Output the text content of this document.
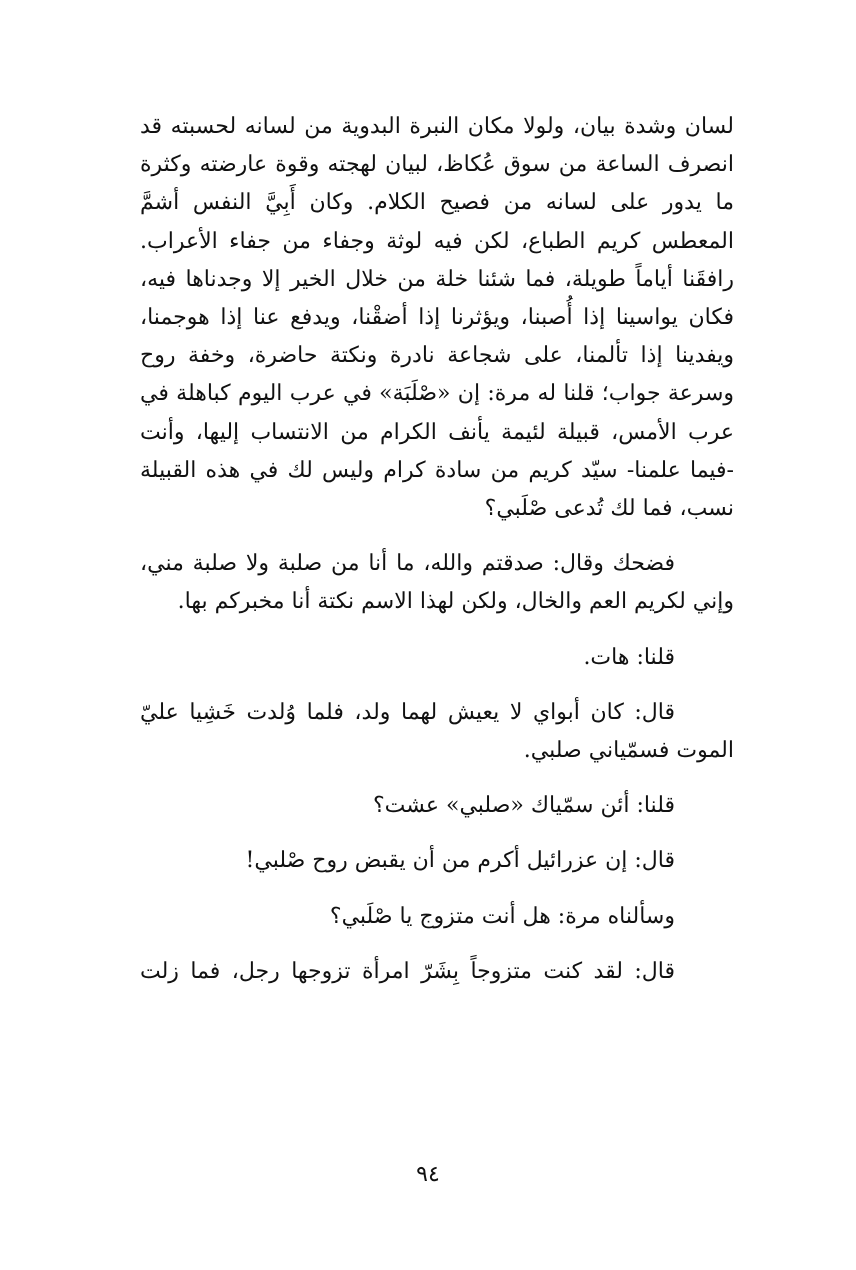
لسان وشدة بيان، ولولا مكان النبرة البدوية من لسانه لحسبته قد انصرف الساعة من سوق عُكاظ، لبيان لهجته وقوة عارضته وكثرة ما يدور على لسانه من فصيح الكلام. وكان أَبِيَّ النفس أشمَّ المعطس كريم الطباع، لكن فيه لوثة وجفاء من جفاء الأعراب. رافقَنا أياماً طويلة، فما شئنا خلة من خلال الخير إلا وجدناها فيه، فكان يواسينا إذا أُصبنا، ويؤثرنا إذا أضقْنا، ويدفع عنا إذا هوجمنا، ويفدينا إذا تألمنا، على شجاعة نادرة ونكتة حاضرة، وخفة روح وسرعة جواب؛ قلنا له مرة: إن «صْلَبَة» في عرب اليوم كباهلة في عرب الأمس، قبيلة لئيمة يأنف الكرام من الانتساب إليها، وأنت -فيما علمنا- سيّد كريم من سادة كرام وليس لك في هذه القبيلة نسب، فما لك تُدعى صْلَبي؟

فضحك وقال: صدقتم والله، ما أنا من صلبة ولا صلبة مني، وإني لكريم العم والخال، ولكن لهذا الاسم نكتة أنا مخبركم بها.

قلنا: هات.

قال: كان أبواي لا يعيش لهما ولد، فلما وُلدت خَشِيا عليّ الموت فسمّياني صلبي.

قلنا: أئن سمّياك «صلبي» عشت؟

قال: إن عزرائيل أكرم من أن يقبض روح صْلبي!

وسألناه مرة: هل أنت متزوج يا صْلَبي؟

قال: لقد كنت متزوجاً بِشَرّ امرأة تزوجها رجل، فما زلت

٩٤
